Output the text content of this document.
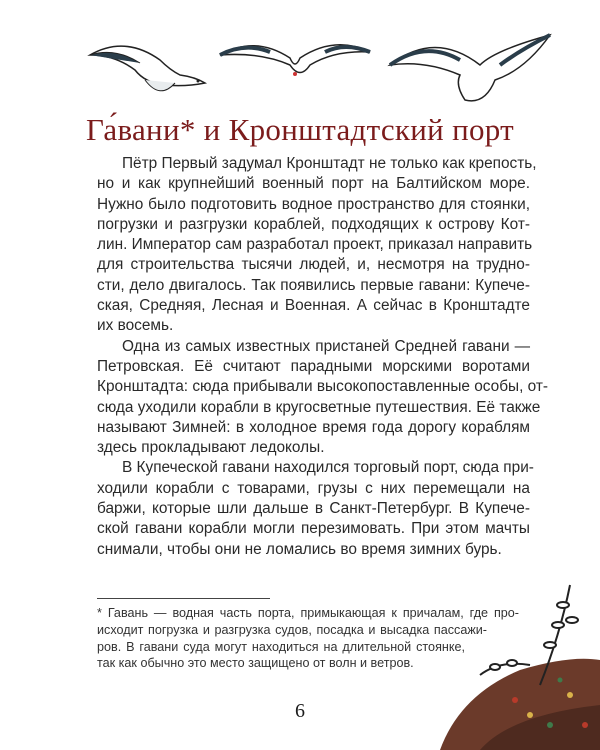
Га́вани* и Кронштадтский порт
Пётр Первый задумал Кронштадт не только как крепость,
но и как крупнейший военный порт на Балтийском море.
Нужно было подготовить водное пространство для стоянки,
погрузки и разгрузки кораблей, подходящих к острову Кот-
лин. Император сам разработал проект, приказал направить
для строительства тысячи людей, и, несмотря на трудно-
сти, дело двигалось. Так появились первые гавани: Купече-
ская, Средняя, Лесная и Военная. А сейчас в Кронштадте
их восемь.
Одна из самых известных пристаней Средней гавани —
Петровская. Её считают парадными морскими воротами
Кронштадта: сюда прибывали высокопоставленные особы, от-
сюда уходили корабли в кругосветные путешествия. Её также
называют Зимней: в холодное время года дорогу кораблям
здесь прокладывают ледоколы.
В Купеческой гавани находился торговый порт, сюда при-
ходили корабли с товарами, грузы с них перемещали на
баржи, которые шли дальше в Санкт-Петербург. В Купече-
ской гавани корабли могли перезимовать. При этом мачты
снимали, чтобы они не ломались во время зимних бурь.
* Гавань — водная часть порта, примыкающая к причалам, где про-
исходит погрузка и разгрузка судов, посадка и высадка пассажи-
ров. В гавани суда могут находиться на длительной стоянке,
так как обычно это место защищено от волн и ветров.
6
